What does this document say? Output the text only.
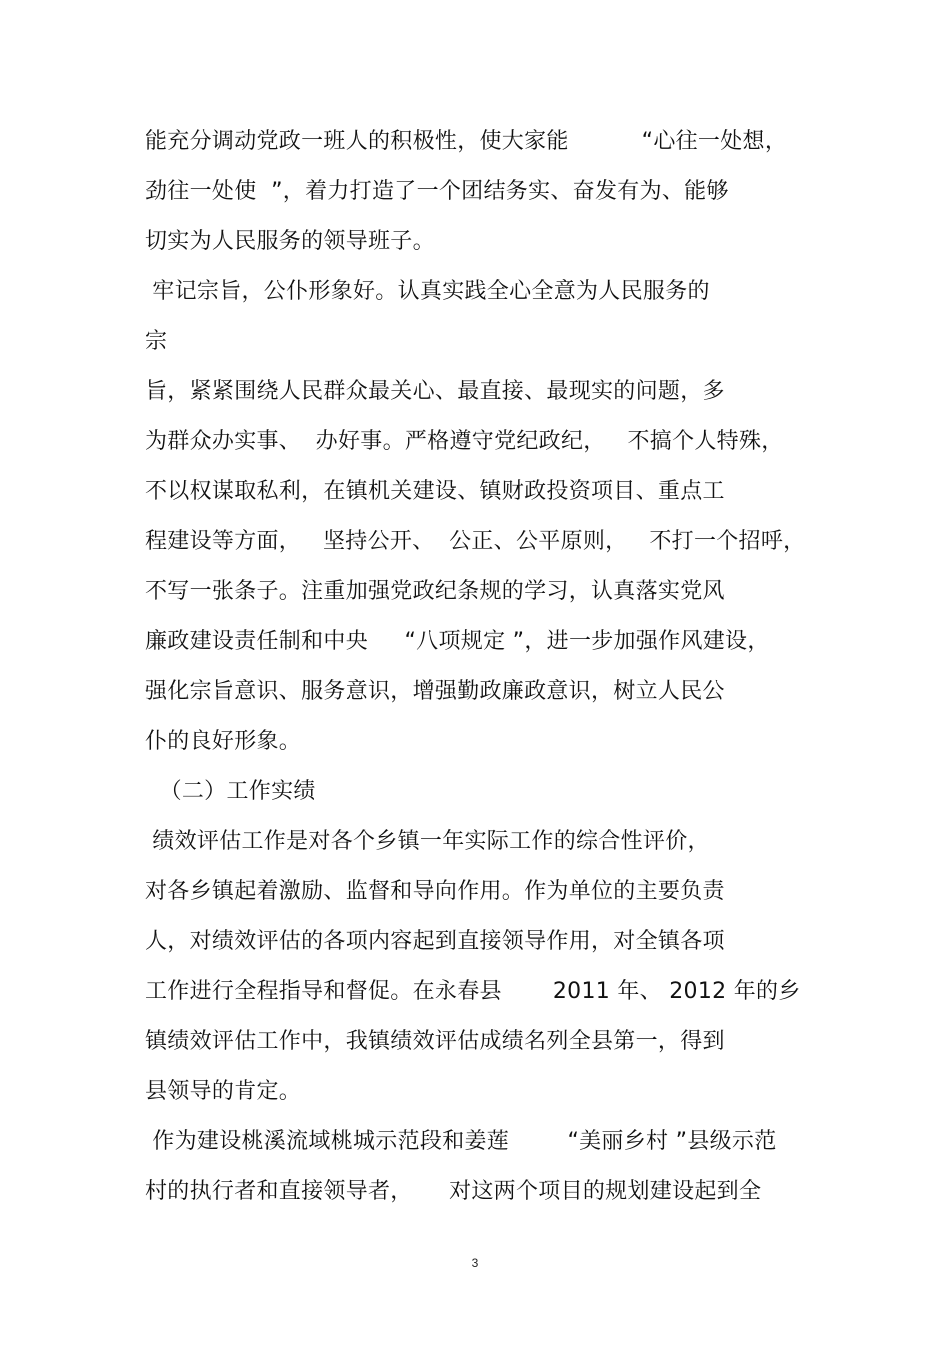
能充分调动党政一班人的积极性，使大家能          “心往一处想，
劲往一处使  ”，着力打造了一个团结务实、奋发有为、能够
切实为人民服务的领导班子。
牢记宗旨，公仆形象好。认真实践全心全意为人民服务的
宗
旨，紧紧围绕人民群众最关心、最直接、最现实的问题，多
为群众办实事、  办好事。严格遵守党纪政纪，   不搞个人特殊，
不以权谋取私利，在镇机关建设、镇财政投资项目、重点工
程建设等方面，   坚持公开、  公正、公平原则，   不打一个招呼，
不写一张条子。注重加强党政纪条规的学习，认真落实党风
廉政建设责任制和中央     “八项规定 ”，进一步加强作风建设，
强化宗旨意识、服务意识，增强勤政廉政意识，树立人民公
仆的良好形象。
（二）工作实绩
绩效评估工作是对各个乡镇一年实际工作的综合性评价，
对各乡镇起着激励、监督和导向作用。作为单位的主要负责
人，对绩效评估的各项内容起到直接领导作用，对全镇各项
工作进行全程指导和督促。在永春县       2011 年、 2012 年的乡
镇绩效评估工作中，我镇绩效评估成绩名列全县第一，得到
县领导的肯定。
作为建设桃溪流域桃城示范段和姜莲        “美丽乡村 ”县级示范
村的执行者和直接领导者，     对这两个项目的规划建设起到全
3
